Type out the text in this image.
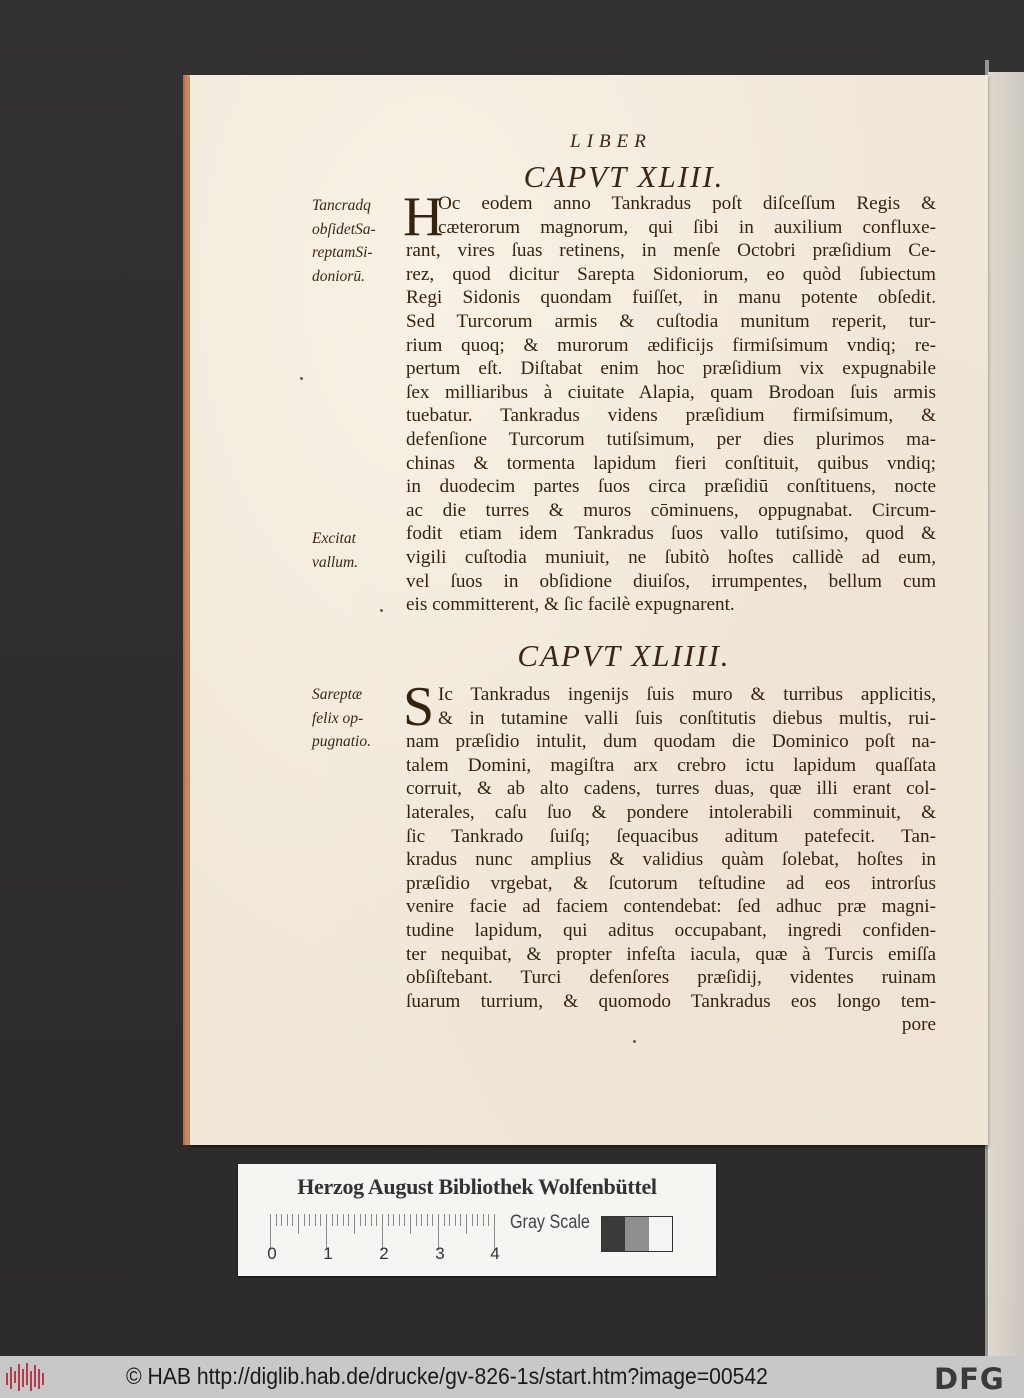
LIBER
CAPVT XLIII.
Tancradq
obſidetSa-
reptamSi-
doniorū.
Excitat
vallum.
H
Oc eodem anno Tankradus poſt diſceſſum Regis &
cæterorum magnorum, qui ſibi in auxilium confluxe-
rant, vires ſuas retinens, in menſe Octobri præſidium Ce-
rez, quod dicitur Sarepta Sidoniorum, eo quòd ſubiectum
Regi Sidonis quondam fuiſſet, in manu potente obſedit.
Sed Turcorum armis & cuſtodia munitum reperit, tur-
rium quoq; & murorum ædificijs firmiſsimum vndiq; re-
pertum eſt. Diſtabat enim hoc præſidium vix expugnabile
ſex milliaribus à ciuitate Alapia, quam Brodoan ſuis armis
tuebatur. Tankradus videns præſidium firmiſsimum, &
defenſione Turcorum tutiſsimum, per dies plurimos ma-
chinas & tormenta lapidum fieri conſtituit, quibus vndiq;
in duodecim partes ſuos circa præſidiū conſtituens, nocte
ac die turres & muros cōminuens, oppugnabat. Circum-
fodit etiam idem Tankradus ſuos vallo tutiſsimo, quod &
vigili cuſtodia muniuit, ne ſubitò hoſtes callidè ad eum,
vel ſuos in obſidione diuiſos, irrumpentes, bellum cum
eis committerent, & ſic facilè expugnarent.
CAPVT XLIIII.
Sareptæ
felix op-
pugnatio.
S Ic Tankradus ingenijs ſuis muro & turribus applicitis,
& in tutamine valli ſuis conſtitutis diebus multis, rui-
nam præſidio intulit, dum quodam die Dominico poſt na-
talem Domini, magiſtra arx crebro ictu lapidum quaſſata
corruit, & ab alto cadens, turres duas, quæ illi erant col-
laterales, caſu ſuo & pondere intolerabili comminuit, &
ſic Tankrado ſuiſq; ſequacibus aditum patefecit. Tan-
kradus nunc amplius & validius quàm ſolebat, hoſtes in
præſidio vrgebat, & ſcutorum teſtudine ad eos introrſus
venire facie ad faciem contendebat: ſed adhuc præ magni-
tudine lapidum, qui aditus occupabant, ingredi confiden-
ter nequibat, & propter infeſta iacula, quæ à Turcis emiſſa
obſiſtebant. Turci defenſores præſidij, videntes ruinam
ſuarum turrium, & quomodo Tankradus eos longo tem-
pore
Herzog August Bibliothek Wolfenbüttel
0	1	2	3	4
Gray Scale
© HAB http://diglib.hab.de/drucke/gv-826-1s/start.htm?image=00542	DFG
